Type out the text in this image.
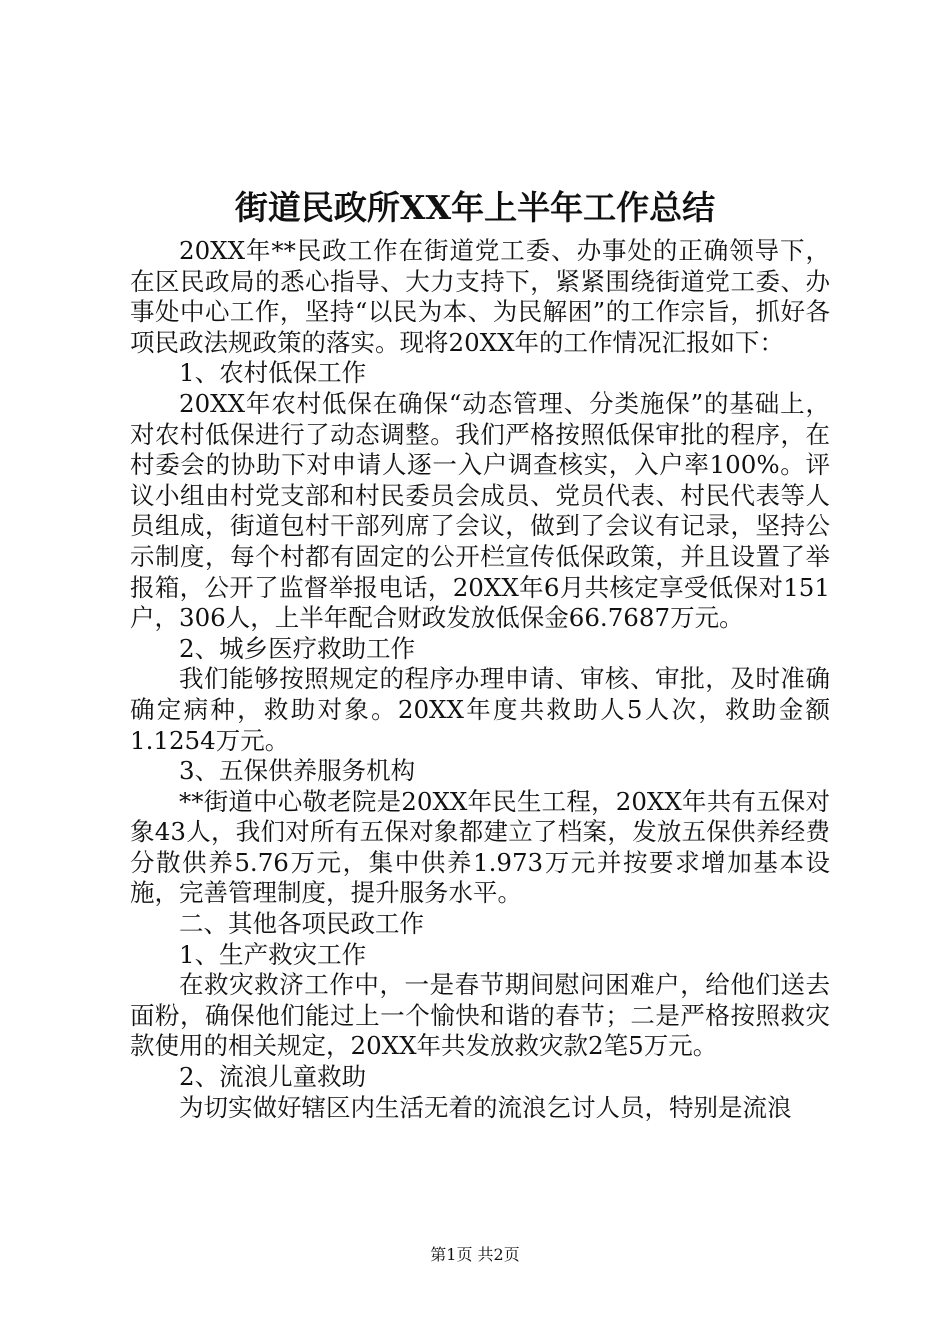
街道民政所XX年上半年工作总结

20XX年**民政工作在街道党工委、办事处的正确领导下，在区民政局的悉心指导、大力支持下，紧紧围绕街道党工委、办事处中心工作，坚持“以民为本、为民解困”的工作宗旨，抓好各项民政法规政策的落实。现将20XX年的工作情况汇报如下：

1、农村低保工作

20XX年农村低保在确保“动态管理、分类施保”的基础上，对农村低保进行了动态调整。我们严格按照低保审批的程序，在村委会的协助下对申请人逐一入户调查核实，入户率100%。评议小组由村党支部和村民委员会成员、党员代表、村民代表等人员组成，街道包村干部列席了会议，做到了会议有记录，坚持公示制度，每个村都有固定的公开栏宣传低保政策，并且设置了举报箱，公开了监督举报电话，20XX年6月共核定享受低保对151户，306人，上半年配合财政发放低保金66.7687万元。

2、城乡医疗救助工作

我们能够按照规定的程序办理申请、审核、审批，及时准确确定病种，救助对象。20XX年度共救助人5人次，救助金额1.1254万元。

3、五保供养服务机构

**街道中心敬老院是20XX年民生工程，20XX年共有五保对象43人，我们对所有五保对象都建立了档案，发放五保供养经费分散供养5.76万元，集中供养1.973万元并按要求增加基本设施，完善管理制度，提升服务水平。

二、其他各项民政工作

1、生产救灾工作

在救灾救济工作中，一是春节期间慰问困难户，给他们送去面粉，确保他们能过上一个愉快和谐的春节；二是严格按照救灾款使用的相关规定，20XX年共发放救灾款2笔5万元。

2、流浪儿童救助

为切实做好辖区内生活无着的流浪乞讨人员，特别是流浪

第1页 共2页
